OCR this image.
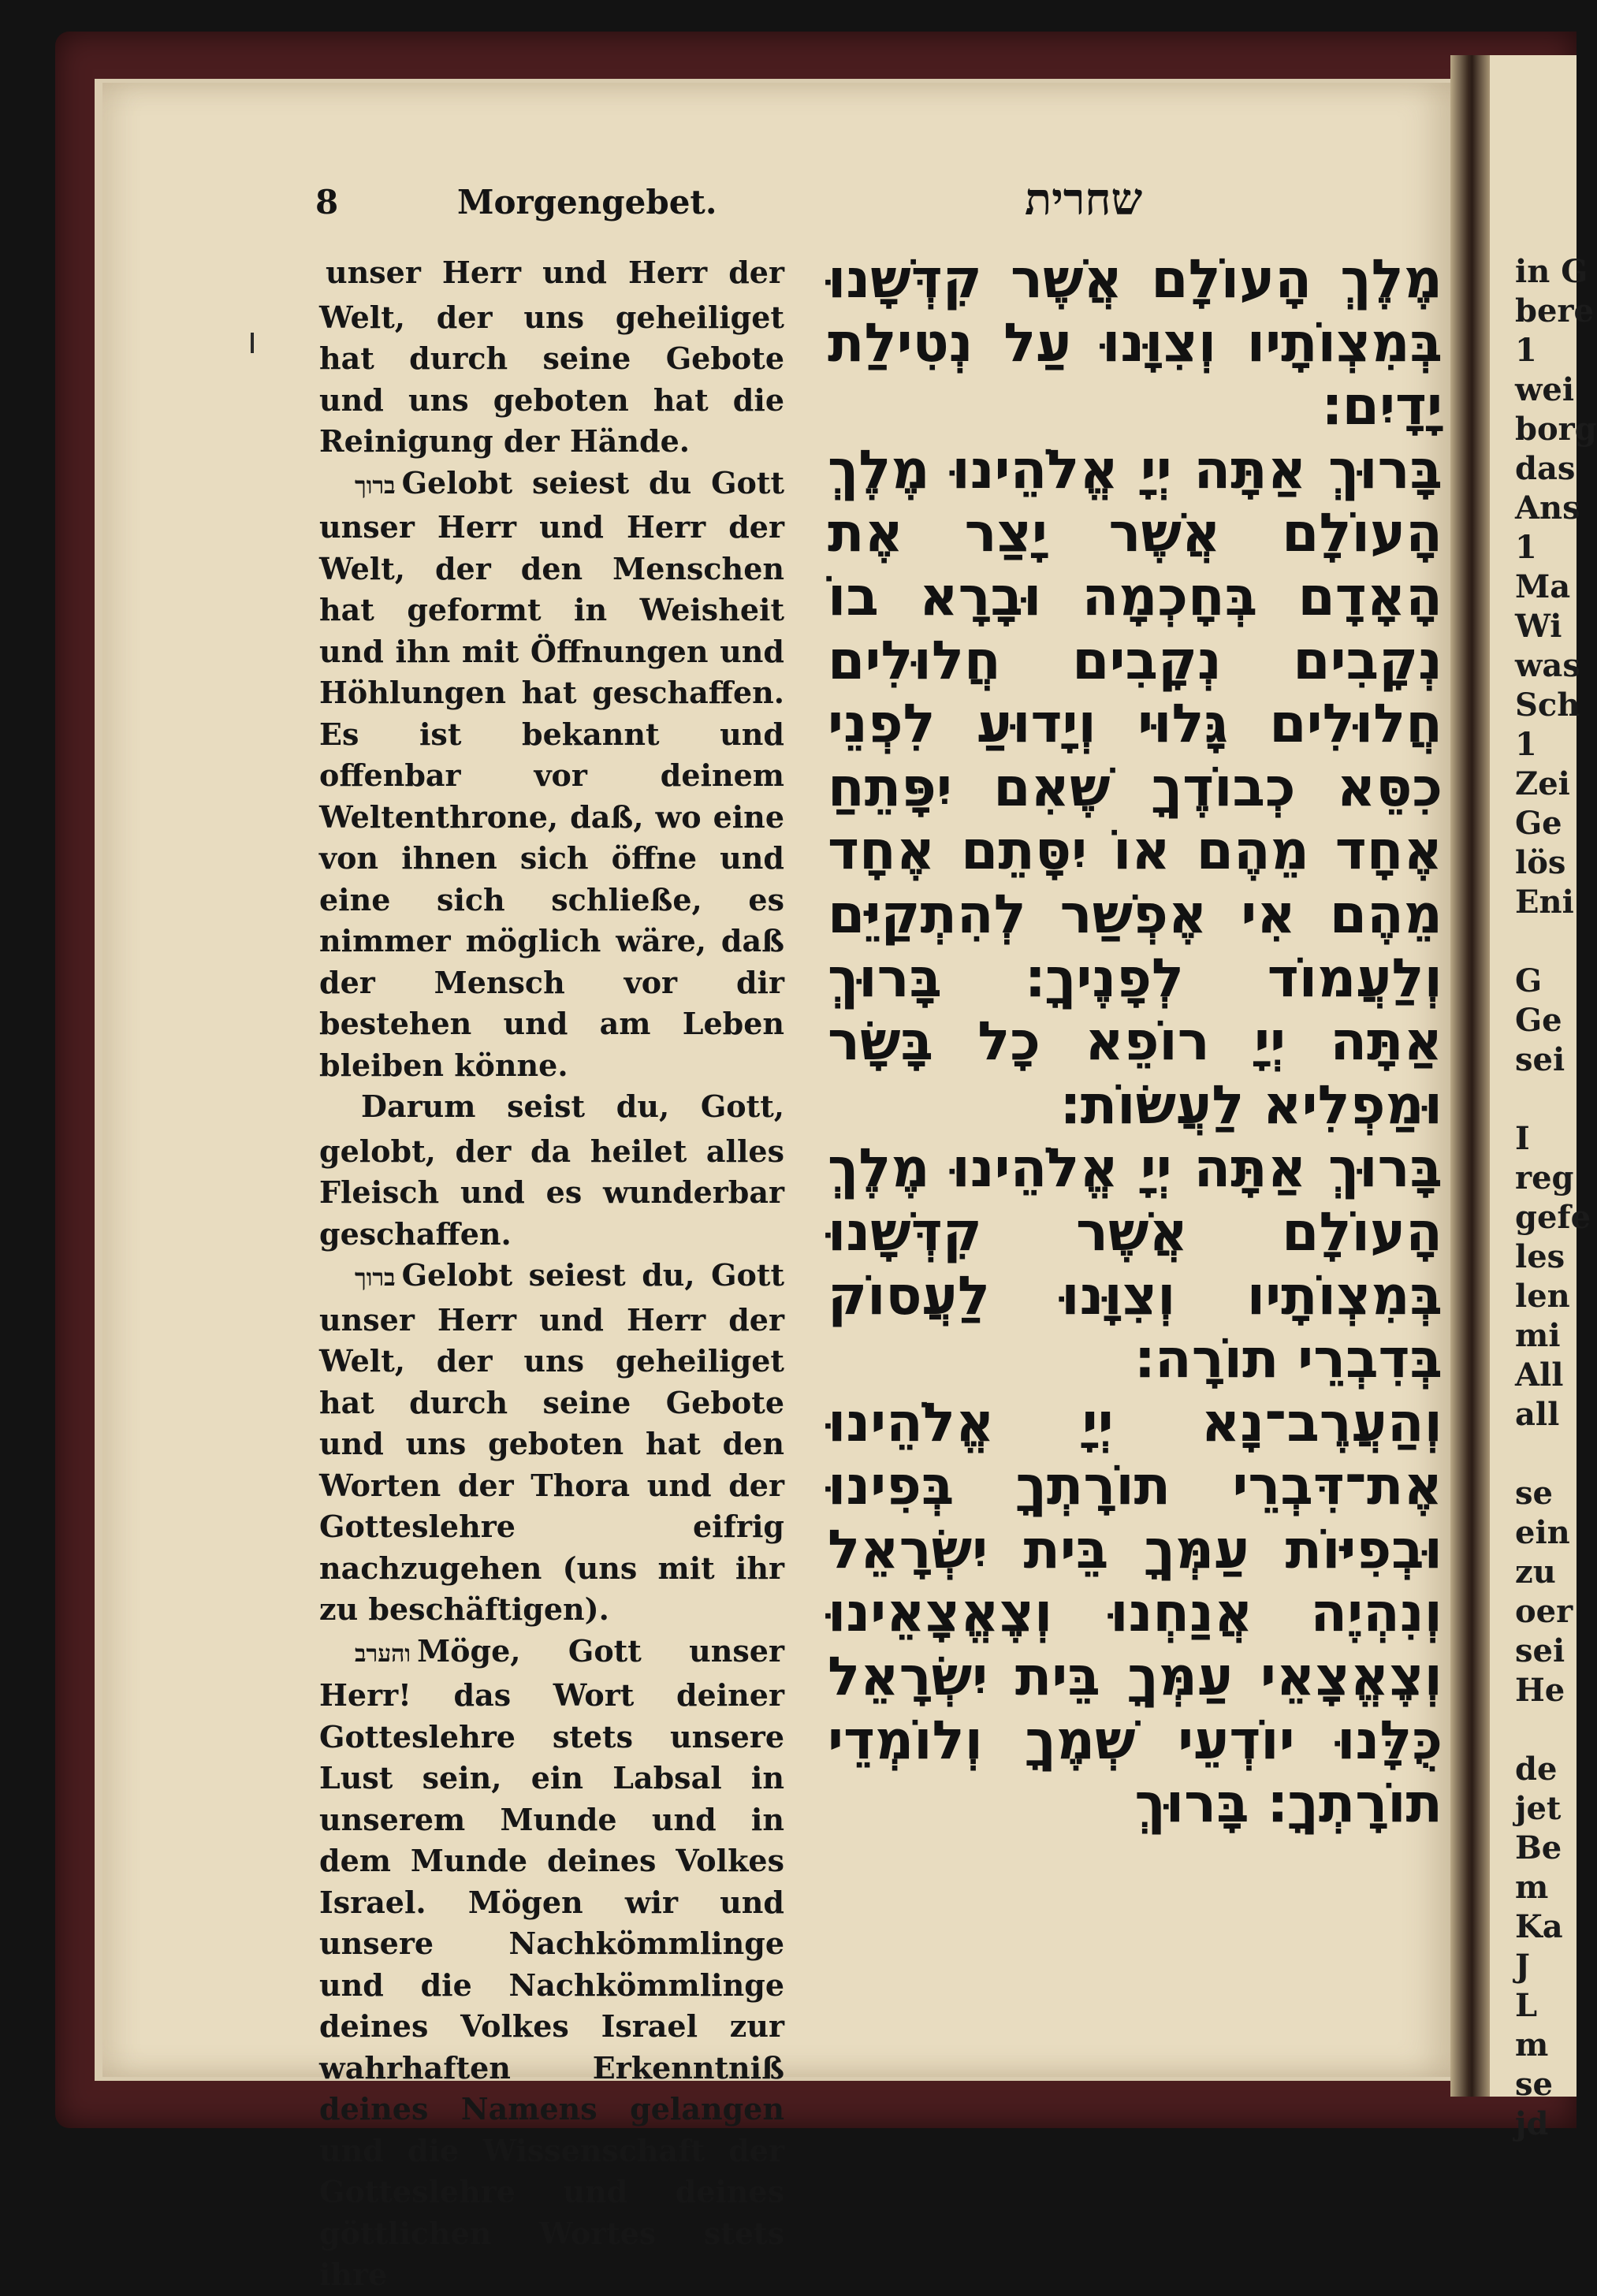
in G
bere
1
wei
borg
das
Ans
1
Ma
Wi
was
Sch
1
Zei
Ge
lös
Eni

G
Ge
sei

I
reg
gefe
les
len
mi
All
all

se
ein
zu
oer
sei
He

de
jet
Be
m
Ka
J
L
m
se
jd
8	Morgengebet.	שחרית

unser Herr und Herr der Welt, der uns geheiliget hat durch seine Gebote und uns geboten hat die Reinigung der Hände.

ברוך Gelobt seiest du Gott unser Herr und Herr der Welt, der den Menschen hat geformt in Weisheit und ihn mit Öffnungen und Höhlungen hat geschaffen. Es ist bekannt und offenbar vor deinem Weltenthrone, daß, wo eine von ihnen sich öffne und eine sich schließe, es nimmer möglich wäre, daß der Mensch vor dir bestehen und am Leben bleiben könne.

Darum seist du, Gott, gelobt, der da heilet alles Fleisch und es wunderbar geschaffen.

ברוך Gelobt seiest du, Gott unser Herr und Herr der Welt, der uns geheiliget hat durch seine Gebote und uns geboten hat den Worten der Thora und der Gotteslehre eifrig nachzugehen (uns mit ihr zu beschäftigen).

והערב Möge, Gott unser Herr! das Wort deiner Gotteslehre stets unsere Lust sein, ein Labsal in unserem Munde und in dem Munde deines Volkes Israel. Mögen wir und unsere Nachkömmlinge und die Nachkömmlinge deines Volkes Israel zur wahrhaften Erkenntniß deines Namens gelangen und die Wissenschaft der Gotteslehre und deines göttlichen Wortes stets ihre

מֶלֶךְ הָעוֹלָם אֲשֶׁר קִדְּשָׁנוּ בְּמִצְוֹתָיו וְצִוָּנוּ עַל נְטִילַת יָדָיִם׃

בָּרוּךְ אַתָּה יְיָ אֱלֹהֵינוּ מֶלֶךְ הָעוֹלָם אֲשֶׁר יָצַר אֶת הָאָדָם בְּחָכְמָה וּבָרָא בוֹ נְקָבִים נְקָבִים חֲלוּלִים חֲלוּלִים גָּלוּי וְיָדוּעַ לִפְנֵי כִסֵּא כְבוֹדֶךָ שֶׁאִם יִפָּתֵחַ אֶחָד מֵהֶם אוֹ יִסָּתֵם אֶחָד מֵהֶם אִי אֶפְשַׁר לְהִתְקַיֵּם וְלַעֲמוֹד לְפָנֶיךָ׃ בָּרוּךְ אַתָּה יְיָ רוֹפֵא כָל בָּשָׂר וּמַפְלִיא לַעֲשׂוֹת׃

בָּרוּךְ אַתָּה יְיָ אֱלֹהֵינוּ מֶלֶךְ הָעוֹלָם אֲשֶׁר קִדְּשָׁנוּ בְּמִצְוֹתָיו וְצִוָּנוּ לַעֲסוֹק בְּדִבְרֵי תוֹרָה׃

וְהַעֲרֶב־נָא יְיָ אֱלֹהֵינוּ אֶת־דִּבְרֵי תוֹרָתְךָ בְּפִינוּ וּבְפִיּוֹת עַמְּךָ בֵּית יִשְׂרָאֵל וְנִהְיֶה אֲנַחְנוּ וְצֶאֱצָאֵינוּ וְצֶאֱצָאֵי עַמְּךָ בֵּית יִשְׂרָאֵל כֻּלָּנוּ יוֹדְעֵי שְׁמֶךָ וְלוֹמְדֵי תוֹרָתְךָ׃ בָּרוּךְ
